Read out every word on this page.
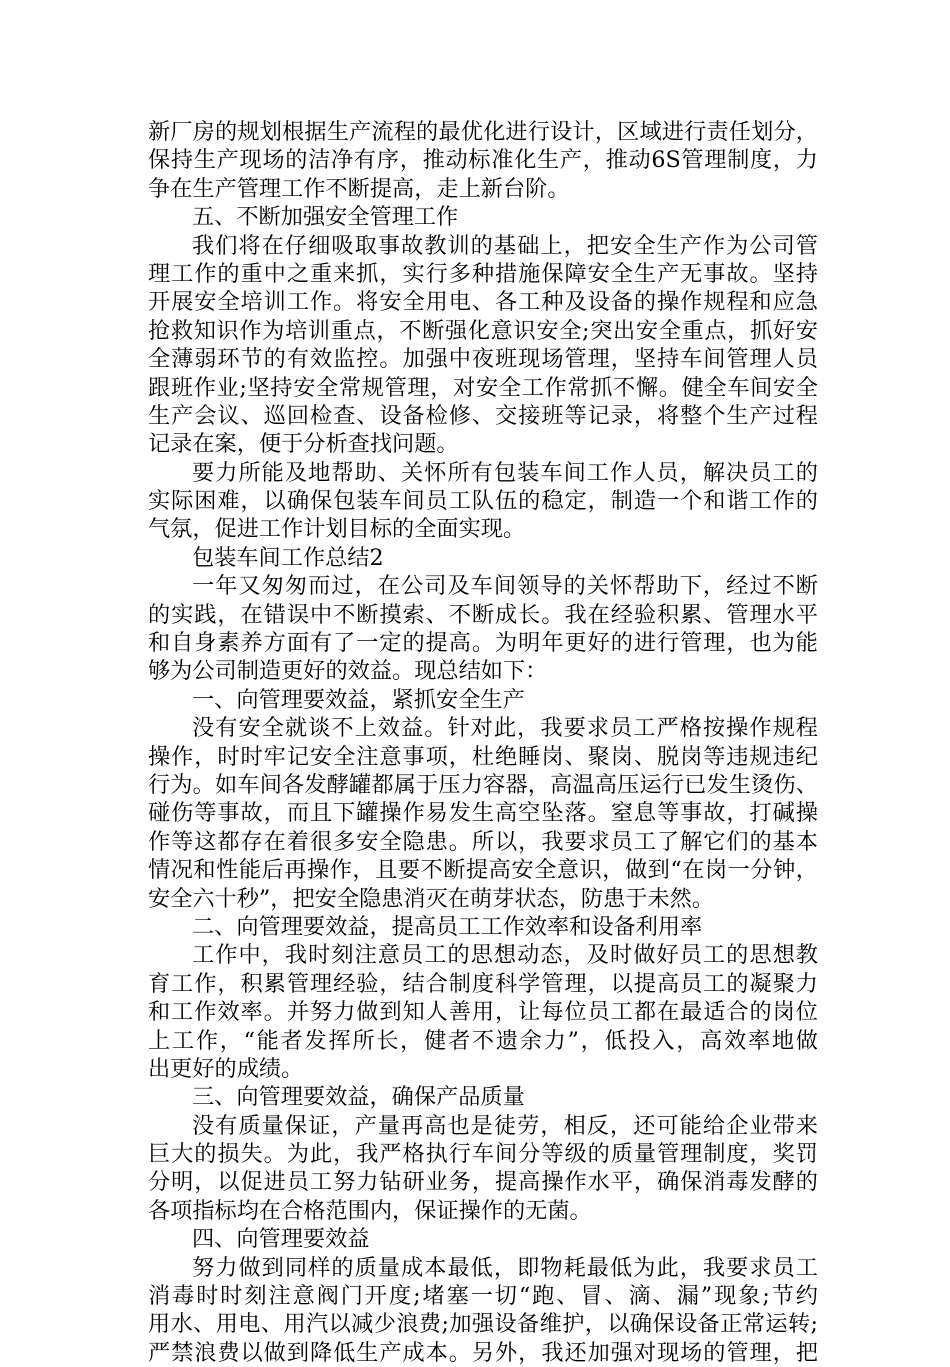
新厂房的规划根据生产流程的最优化进行设计，区域进行责任划分，
保持生产现场的洁净有序，推动标准化生产，推动6S管理制度，力
争在生产管理工作不断提高，走上新台阶。
五、不断加强安全管理工作
我们将在仔细吸取事故教训的基础上，把安全生产作为公司管
理工作的重中之重来抓，实行多种措施保障安全生产无事故。坚持
开展安全培训工作。将安全用电、各工种及设备的操作规程和应急
抢救知识作为培训重点，不断强化意识安全;突出安全重点，抓好安
全薄弱环节的有效监控。加强中夜班现场管理，坚持车间管理人员
跟班作业;坚持安全常规管理，对安全工作常抓不懈。健全车间安全
生产会议、巡回检查、设备检修、交接班等记录，将整个生产过程
记录在案，便于分析查找问题。
要力所能及地帮助、关怀所有包装车间工作人员，解决员工的
实际困难，以确保包装车间员工队伍的稳定，制造一个和谐工作的
气氛，促进工作计划目标的全面实现。
包装车间工作总结2
一年又匆匆而过，在公司及车间领导的关怀帮助下，经过不断
的实践，在错误中不断摸索、不断成长。我在经验积累、管理水平
和自身素养方面有了一定的提高。为明年更好的进行管理，也为能
够为公司制造更好的效益。现总结如下：
一、向管理要效益，紧抓安全生产
没有安全就谈不上效益。针对此，我要求员工严格按操作规程
操作，时时牢记安全注意事项，杜绝睡岗、聚岗、脱岗等违规违纪
行为。如车间各发酵罐都属于压力容器，高温高压运行已发生烫伤、
碰伤等事故，而且下罐操作易发生高空坠落。窒息等事故，打碱操
作等这都存在着很多安全隐患。所以，我要求员工了解它们的基本
情况和性能后再操作，且要不断提高安全意识，做到“在岗一分钟，
安全六十秒”，把安全隐患消灭在萌芽状态，防患于未然。
二、向管理要效益，提高员工工作效率和设备利用率
工作中，我时刻注意员工的思想动态，及时做好员工的思想教
育工作，积累管理经验，结合制度科学管理，以提高员工的凝聚力
和工作效率。并努力做到知人善用，让每位员工都在最适合的岗位
上工作，“能者发挥所长，健者不遗余力”，低投入，高效率地做
出更好的成绩。
三、向管理要效益，确保产品质量
没有质量保证，产量再高也是徒劳，相反，还可能给企业带来
巨大的损失。为此，我严格执行车间分等级的质量管理制度，奖罚
分明，以促进员工努力钻研业务，提高操作水平，确保消毒发酵的
各项指标均在合格范围内，保证操作的无菌。
四、向管理要效益
努力做到同样的质量成本最低，即物耗最低为此，我要求员工
消毒时时刻注意阀门开度;堵塞一切“跑、冒、滴、漏”现象;节约
用水、用电、用汽以减少浪费;加强设备维护，以确保设备正常运转;
严禁浪费以做到降低生产成本。另外，我还加强对现场的管理，把
